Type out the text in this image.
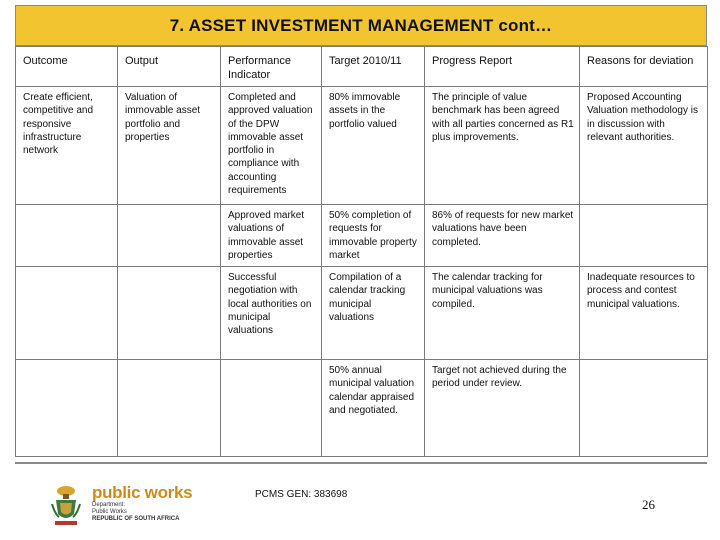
7. ASSET INVESTMENT MANAGEMENT cont…
Outcome	Output	Performance Indicator	Target 2010/11	Progress Report	Reasons for deviation
Create efficient, competitive and responsive infrastructure network	Valuation of immovable asset portfolio and properties	Completed and approved valuation of the DPW immovable asset portfolio in compliance with accounting requirements	80% immovable assets in the portfolio valued	The principle of value benchmark has been agreed with all parties concerned as R1 plus improvements.	Proposed Accounting Valuation methodology is in discussion with relevant authorities.
		Approved market valuations of immovable asset properties	50% completion of requests for immovable property market	86% of requests for new market valuations have been completed.	
		Successful negotiation with local authorities on municipal valuations	Compilation of a calendar tracking municipal valuations	The calendar tracking for municipal valuations was compiled.	Inadequate resources to process and contest municipal valuations.
			50% annual municipal valuation calendar appraised and negotiated.	Target not achieved during the period under review.	
public works
Department:
Public Works
REPUBLIC OF SOUTH AFRICA
PCMS GEN: 383698
26
